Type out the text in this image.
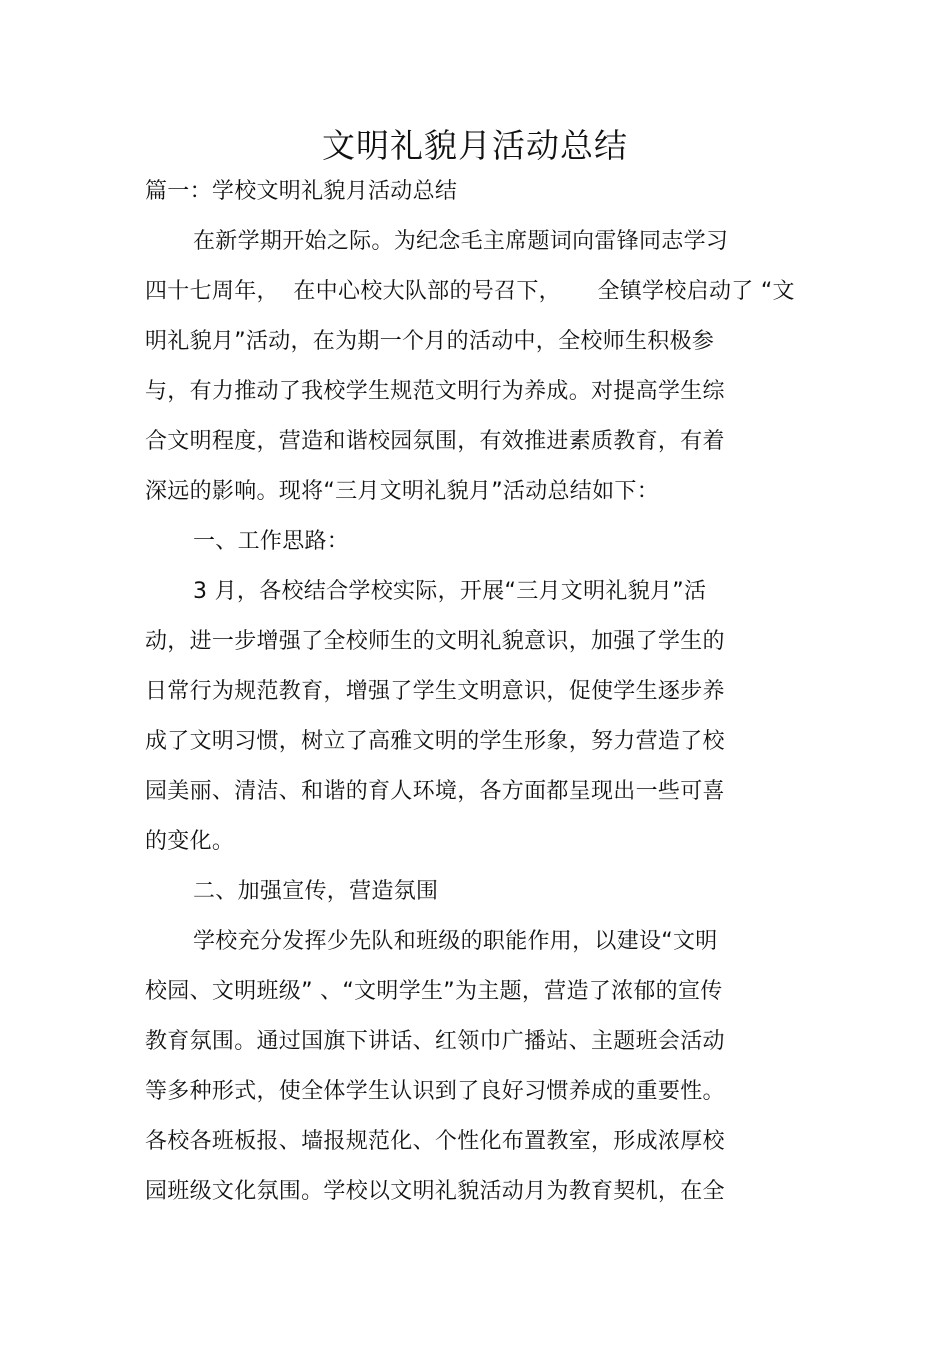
文明礼貌月活动总结
篇一：学校文明礼貌月活动总结
在新学期开始之际。为纪念毛主席题词向雷锋同志学习
四十七周年，  在中心校大队部的号召下，     全镇学校启动了 “文
明礼貌月”活动，在为期一个月的活动中，全校师生积极参
与，有力推动了我校学生规范文明行为养成。对提高学生综
合文明程度，营造和谐校园氛围，有效推进素质教育，有着
深远的影响。现将“三月文明礼貌月”活动总结如下：
一、工作思路：
3 月，各校结合学校实际，开展“三月文明礼貌月”活
动，进一步增强了全校师生的文明礼貌意识，加强了学生的
日常行为规范教育，增强了学生文明意识，促使学生逐步养
成了文明习惯，树立了高雅文明的学生形象，努力营造了校
园美丽、清洁、和谐的育人环境，各方面都呈现出一些可喜
的变化。
二、加强宣传，营造氛围
学校充分发挥少先队和班级的职能作用，以建设“文明
校园、文明班级” 、“文明学生”为主题，营造了浓郁的宣传
教育氛围。通过国旗下讲话、红领巾广播站、主题班会活动
等多种形式，使全体学生认识到了良好习惯养成的重要性。
各校各班板报、墙报规范化、个性化布置教室，形成浓厚校
园班级文化氛围。学校以文明礼貌活动月为教育契机，在全
